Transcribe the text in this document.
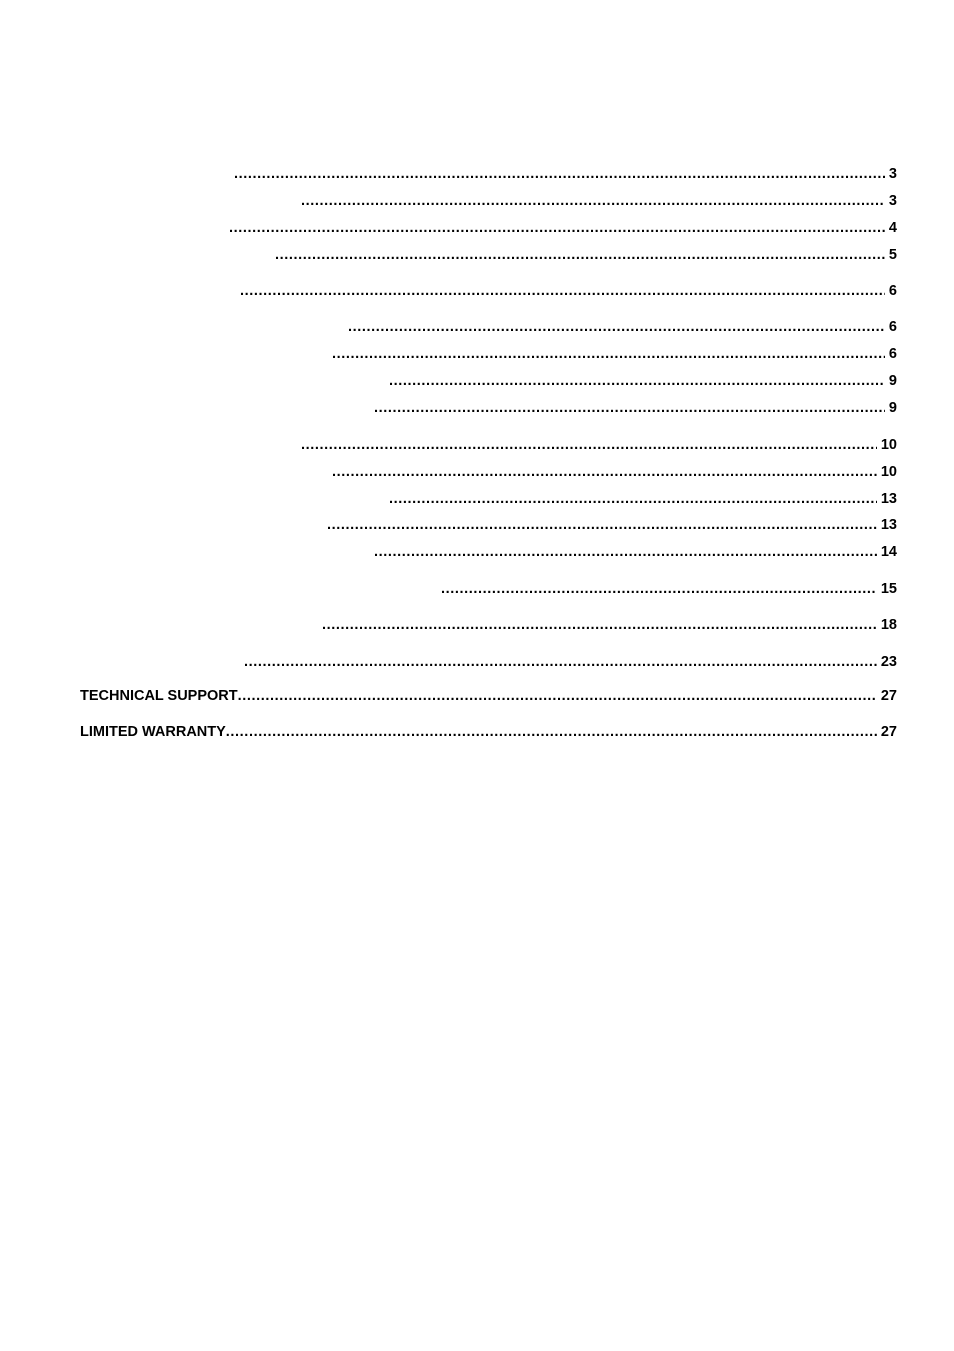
.....
3
.....
3
.....
4
.....
5
.....
6
.....
6
.....
6
.....
9
.....
9
.....
10
.....
10
.....
13
.....
13
.....
14
.....
15
.....
18
.....
23
TECHNICAL SUPPORT .....	27
LIMITED WARRANTY .....	27
